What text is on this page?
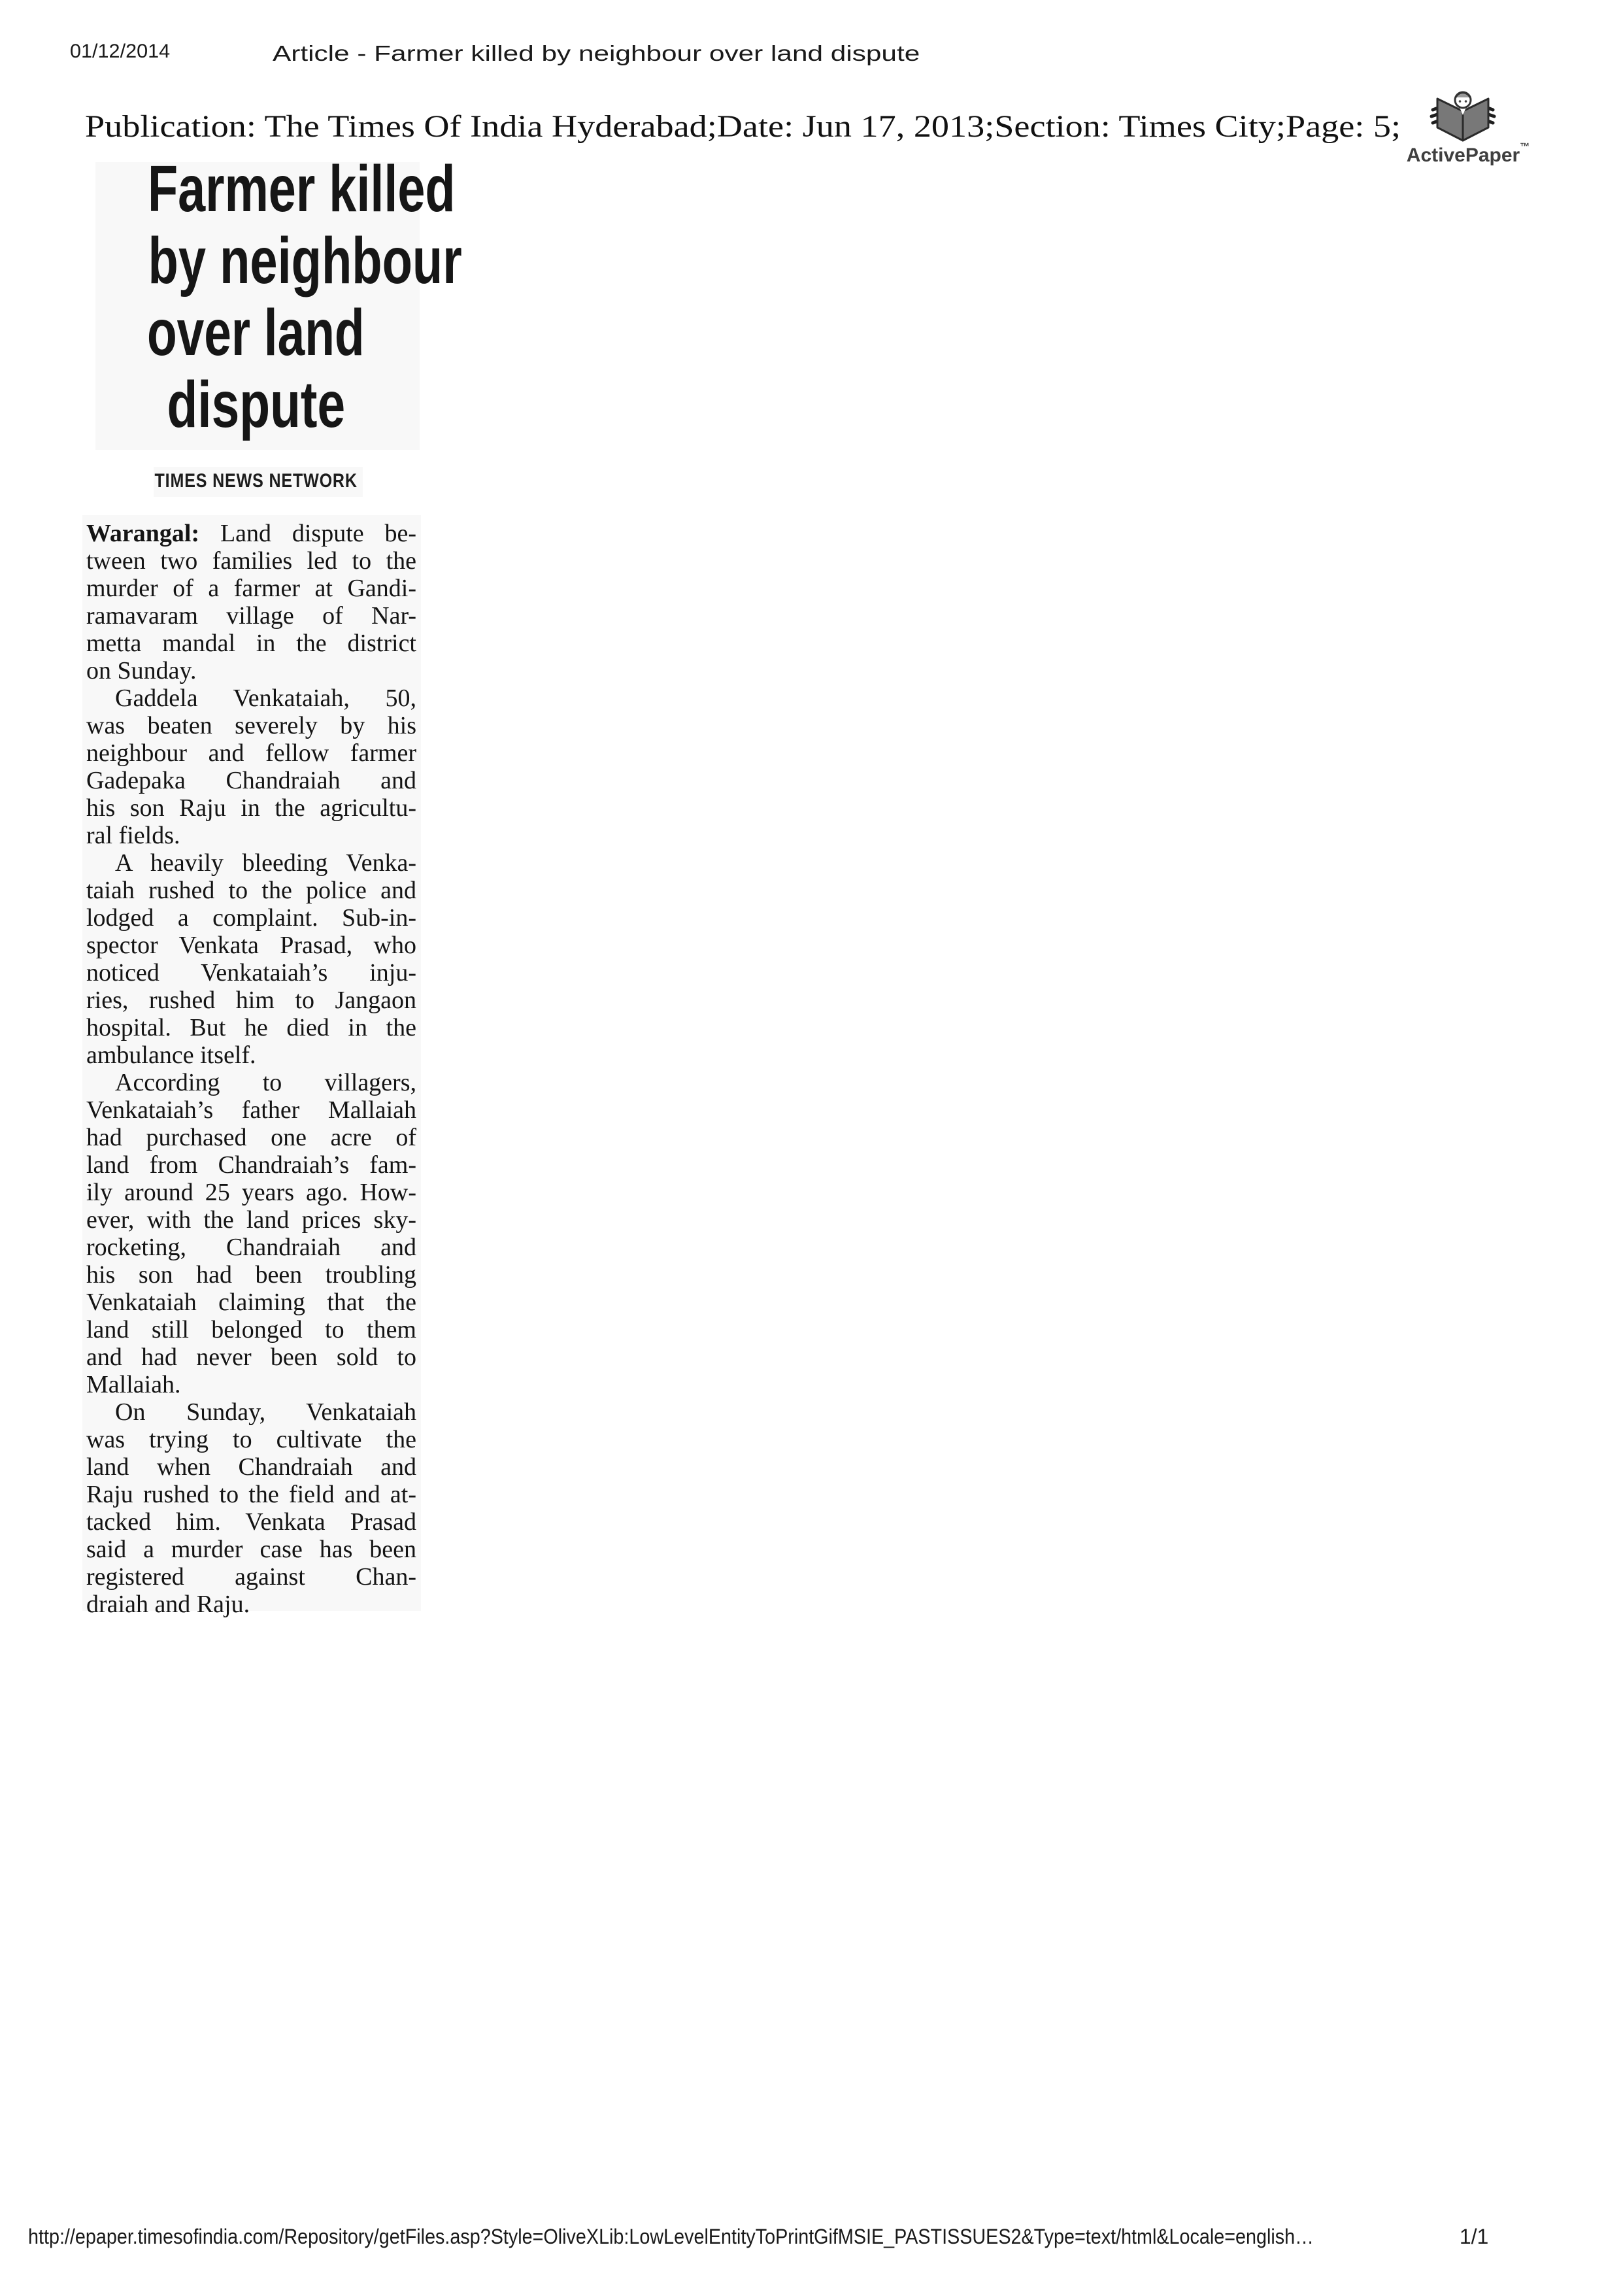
01/12/2014	Article - Farmer killed by neighbour over land dispute
Publication: The Times Of India Hyderabad;Date: Jun 17, 2013;Section: Times City;Page: 5;
ActivePaper™
Farmer killed
by neighbour
over land
dispute
TIMES NEWS NETWORK
Warangal: Land dispute be-
tween two families led to the
murder of a farmer at Gandi-
ramavaram village of Nar-
metta mandal in the district
on Sunday.
Gaddela Venkataiah, 50,
was beaten severely by his
neighbour and fellow farmer
Gadepaka Chandraiah and
his son Raju in the agricultu-
ral fields.
A heavily bleeding Venka-
taiah rushed to the police and
lodged a complaint. Sub-in-
spector Venkata Prasad, who
noticed Venkataiah’s inju-
ries, rushed him to Jangaon
hospital. But he died in the
ambulance itself.
According to villagers,
Venkataiah’s father Mallaiah
had purchased one acre of
land from Chandraiah’s fam-
ily around 25 years ago. How-
ever, with the land prices sky-
rocketing, Chandraiah and
his son had been troubling
Venkataiah claiming that the
land still belonged to them
and had never been sold to
Mallaiah.
On Sunday, Venkataiah
was trying to cultivate the
land when Chandraiah and
Raju rushed to the field and at-
tacked him. Venkata Prasad
said a murder case has been
registered against Chan-
draiah and Raju.
http://epaper.timesofindia.com/Repository/getFiles.asp?Style=OliveXLib:LowLevelEntityToPrintGifMSIE_PASTISSUES2&Type=text/html&Locale=english…	1/1
